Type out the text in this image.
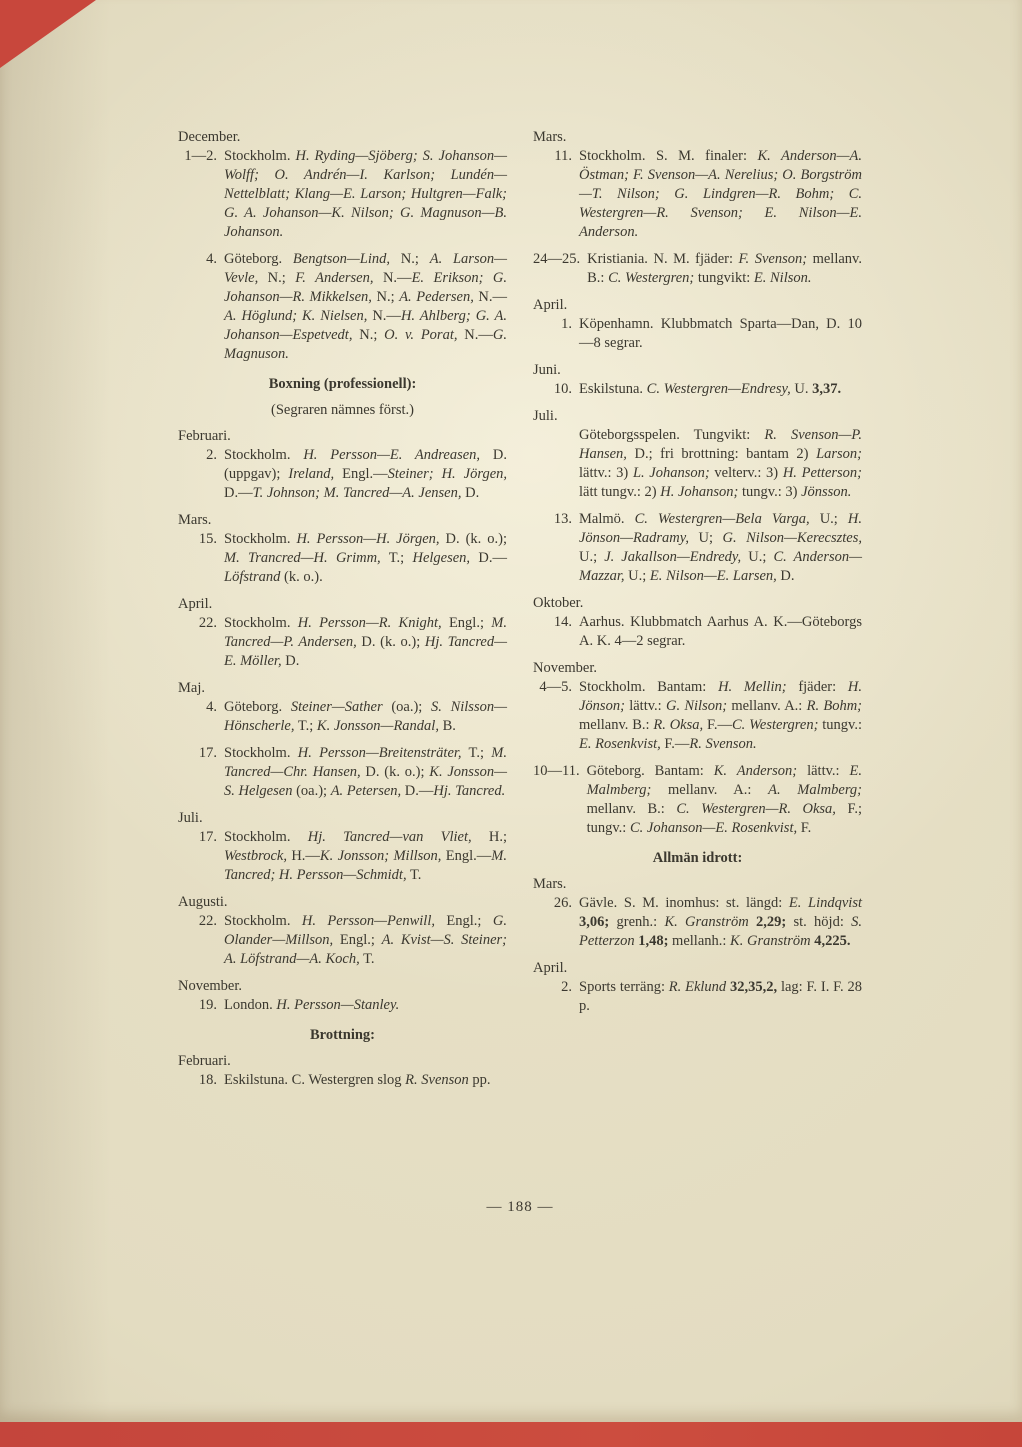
December.
1—2. Stockholm. H. Ryding—Sjöberg; S. Johanson—Wolff; O. Andrén—I. Karlson; Lundén—Nettelblatt; Klang—E. Larson; Hultgren—Falk; G. A. Johanson—K. Nilson; G. Magnuson—B. Johanson.
4. Göteborg. Bengtson—Lind, N.; A. Larson—Vevle, N.; F. Andersen, N.—E. Erikson; G. Johanson—R. Mikkelsen, N.; A. Pedersen, N.—A. Höglund; K. Nielsen, N.—H. Ahlberg; G. A. Johanson—Espetvedt, N.; O. v. Porat, N.—G. Magnuson.
Boxning (professionell):
(Segraren nämnes först.)
Februari.
2. Stockholm. H. Persson—E. Andreasen, D. (uppgav); Ireland, Engl.—Steiner; H. Jörgen, D.—T. Johnson; M. Tancred—A. Jensen, D.
Mars.
15. Stockholm. H. Persson—H. Jörgen, D. (k. o.); M. Trancred—H. Grimm, T.; Helgesen, D.—Löfstrand (k. o.).
April.
22. Stockholm. H. Persson—R. Knight, Engl.; M. Tancred—P. Andersen, D. (k. o.); Hj. Tancred—E. Möller, D.
Maj.
4. Göteborg. Steiner—Sather (oa.); S. Nilsson—Hönscherle, T.; K. Jonsson—Randal, B.
17. Stockholm. H. Persson—Breitensträter, T.; M. Tancred—Chr. Hansen, D. (k. o.); K. Jonsson—S. Helgesen (oa.); A. Petersen, D.—Hj. Tancred.
Juli.
17. Stockholm. Hj. Tancred—van Vliet, H.; Westbrock, H.—K. Jonsson; Millson, Engl.—M. Tancred; H. Persson—Schmidt, T.
Augusti.
22. Stockholm. H. Persson—Penwill, Engl.; G. Olander—Millson, Engl.; A. Kvist—S. Steiner; A. Löfstrand—A. Koch, T.
November.
19. London. H. Persson—Stanley.
Brottning:
Februari.
18. Eskilstuna. C. Westergren slog R. Svenson pp.
Mars.
11. Stockholm. S. M. finaler: K. Anderson—A. Östman; F. Svenson—A. Nerelius; O. Borgström—T. Nilson; G. Lindgren—R. Bohm; C. Westergren—R. Svenson; E. Nilson—E. Anderson.
24—25. Kristiania. N. M. fjäder: F. Svenson; mellanv. B.: C. Westergren; tungvikt: E. Nilson.
April.
1. Köpenhamn. Klubbmatch Sparta—Dan, D. 10—8 segrar.
Juni.
10. Eskilstuna. C. Westergren—Endresy, U. 3,37.
Juli.
Göteborgsspelen. Tungvikt: R. Svenson—P. Hansen, D.; fri brottning: bantam 2) Larson; lättv.: 3) L. Johanson; velterv.: 3) H. Petterson; lätt tungv.: 2) H. Johanson; tungv.: 3) Jönsson.
13. Malmö. C. Westergren—Bela Varga, U.; H. Jönson—Radramy, U; G. Nilson—Kerecsztes, U.; J. Jakallson—Endredy, U.; C. Anderson—Mazzar, U.; E. Nilson—E. Larsen, D.
Oktober.
14. Aarhus. Klubbmatch Aarhus A. K.—Göteborgs A. K. 4—2 segrar.
November.
4—5. Stockholm. Bantam: H. Mellin; fjäder: H. Jönson; lättv.: G. Nilson; mellanv. A.: R. Bohm; mellanv. B.: R. Oksa, F.—C. Westergren; tungv.: E. Rosenkvist, F.—R. Svenson.
10—11. Göteborg. Bantam: K. Anderson; lättv.: E. Malmberg; mellanv. A.: A. Malmberg; mellanv. B.: C. Westergren—R. Oksa, F.; tungv.: C. Johanson—E. Rosenkvist, F.
Allmän idrott:
Mars.
26. Gävle. S. M. inomhus: st. längd: E. Lindqvist 3,06; grenh.: K. Granström 2,29; st. höjd: S. Petterzon 1,48; mellanh.: K. Granström 4,225.
April.
2. Sports terräng: R. Eklund 32,35,2, lag: F. I. F. 28 p.
— 188 —
